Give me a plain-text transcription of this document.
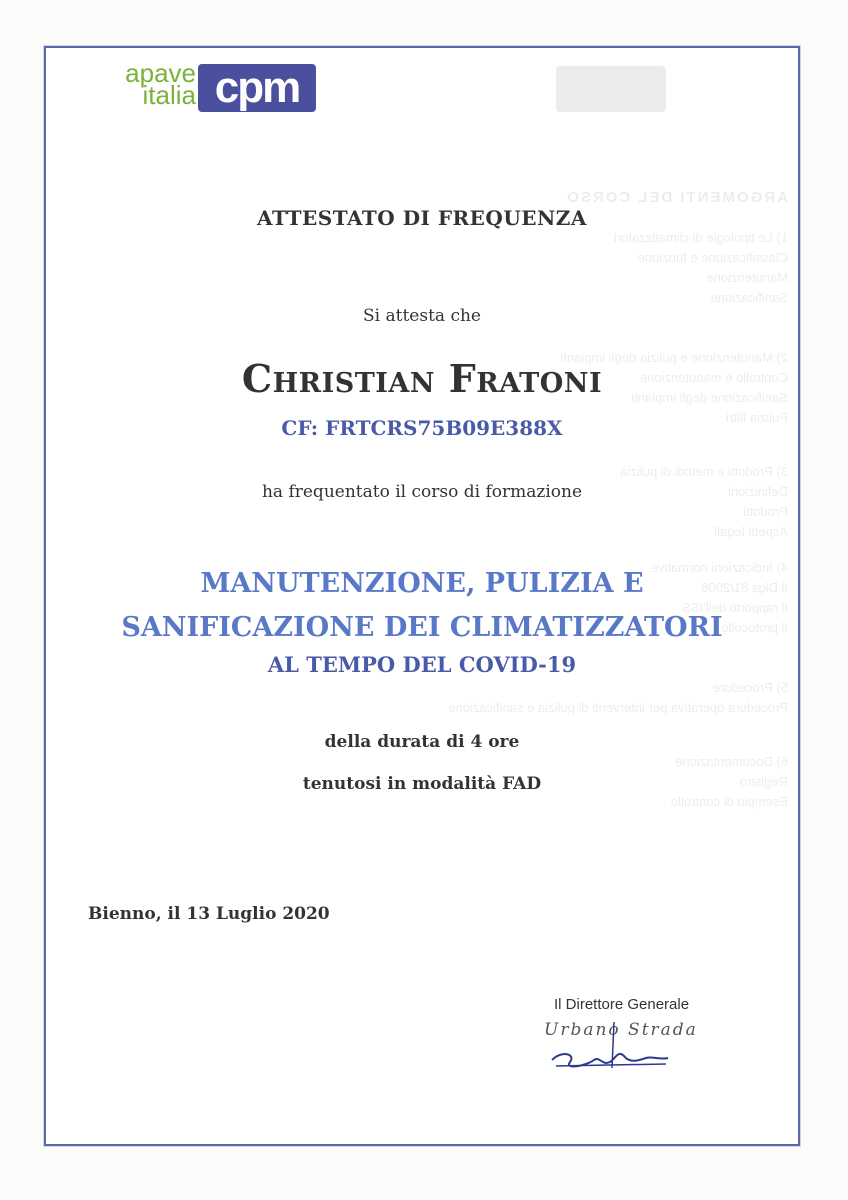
ARGOMENTI DEL CORSO
1) Le tipologie di climatizzatori
Classificazione e funzione
Manutenzione
Sanificazione
2) Manutenzione e pulizia degli impianti
Controllo e manutenzione
Sanificazione degli impianti
Pulizia filtri
3) Prodotti e metodi di pulizia
Definizioni
Prodotti
Aspetti legali
4) Indicazioni normative
Il Dlgs 81/2008
Il rapporto dell'ISS
Il protocollo
5) Procedure
Procedura operativa per interventi di pulizia e sanificazione
6) Documentazione
Registro
Esempio di controllo
apave
italia cpm
ATTESTATO DI FREQUENZA
Si attesta che
Christian Fratoni
CF: FRTCRS75B09E388X
ha frequentato il corso di formazione
MANUTENZIONE, PULIZIA E
SANIFICAZIONE DEI CLIMATIZZATORI
AL TEMPO DEL COVID-19
della durata di 4 ore
tenutosi in modalità FAD
Bienno, il 13 Luglio 2020
Il Direttore Generale
Urbano Strada
